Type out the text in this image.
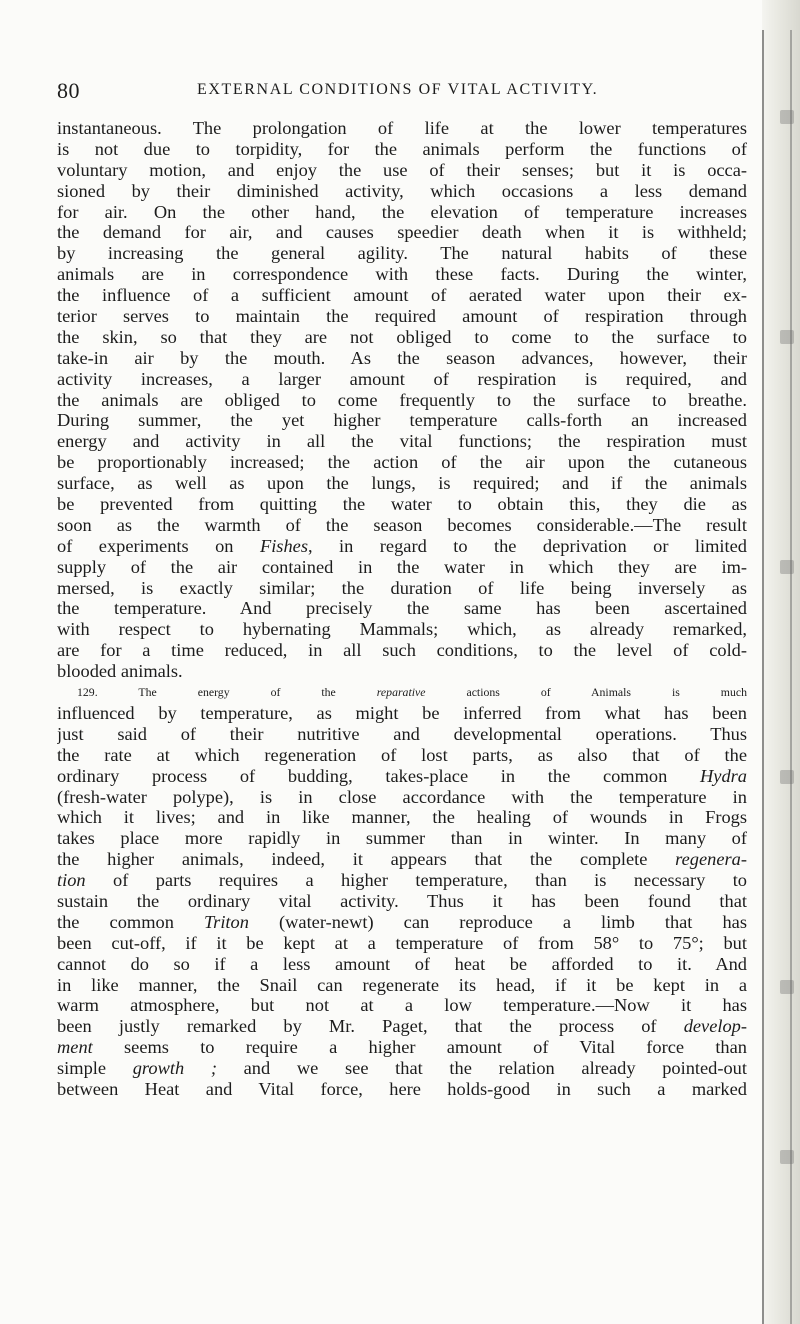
80	EXTERNAL CONDITIONS OF VITAL ACTIVITY.
instantaneous. The prolongation of life at the lower temperatures
is not due to torpidity, for the animals perform the functions of
voluntary motion, and enjoy the use of their senses; but it is occa-
sioned by their diminished activity, which occasions a less demand
for air. On the other hand, the elevation of temperature increases
the demand for air, and causes speedier death when it is withheld;
by increasing the general agility. The natural habits of these
animals are in correspondence with these facts. During the winter,
the influence of a sufficient amount of aerated water upon their ex-
terior serves to maintain the required amount of respiration through
the skin, so that they are not obliged to come to the surface to
take-in air by the mouth. As the season advances, however, their
activity increases, a larger amount of respiration is required, and
the animals are obliged to come frequently to the surface to breathe.
During summer, the yet higher temperature calls-forth an increased
energy and activity in all the vital functions; the respiration must
be proportionably increased; the action of the air upon the cutaneous
surface, as well as upon the lungs, is required; and if the animals
be prevented from quitting the water to obtain this, they die as
soon as the warmth of the season becomes considerable.—The result
of experiments on Fishes, in regard to the deprivation or limited
supply of the air contained in the water in which they are im-
mersed, is exactly similar; the duration of life being inversely as
the temperature. And precisely the same has been ascertained
with respect to hybernating Mammals; which, as already remarked,
are for a time reduced, in all such conditions, to the level of cold-
blooded animals.
129. The energy of the reparative actions of Animals is much
influenced by temperature, as might be inferred from what has been
just said of their nutritive and developmental operations. Thus
the rate at which regeneration of lost parts, as also that of the
ordinary process of budding, takes-place in the common Hydra
(fresh-water polype), is in close accordance with the temperature in
which it lives; and in like manner, the healing of wounds in Frogs
takes place more rapidly in summer than in winter. In many of
the higher animals, indeed, it appears that the complete regenera-
tion of parts requires a higher temperature, than is necessary to
sustain the ordinary vital activity. Thus it has been found that
the common Triton (water-newt) can reproduce a limb that has
been cut-off, if it be kept at a temperature of from 58° to 75°; but
cannot do so if a less amount of heat be afforded to it. And
in like manner, the Snail can regenerate its head, if it be kept in a
warm atmosphere, but not at a low temperature.—Now it has
been justly remarked by Mr. Paget, that the process of develop-
ment seems to require a higher amount of Vital force than
simple growth ; and we see that the relation already pointed-out
between Heat and Vital force, here holds-good in such a marked
